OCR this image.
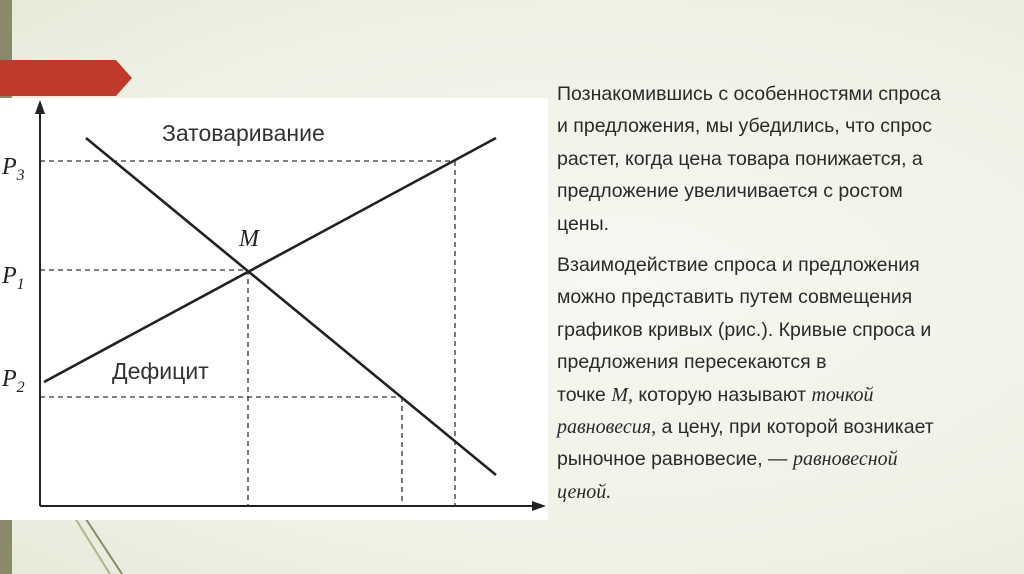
$P_3$
$P_1$
$P_2$
Затоваривание
Дефицит
M
Познакомившись с особенностями спроса
и предложения, мы убедились, что спрос
растет, когда цена товара понижается, а
предложение увеличивается с ростом
цены.
Взаимодействие спроса и предложения
можно представить путем совмещения
графиков кривых (рис.). Кривые спроса и
предложения пересекаются в
точке М, которую называют точкой
равновесия, а цену, при которой возникает
рыночное равновесие, — равновесной
ценой.
